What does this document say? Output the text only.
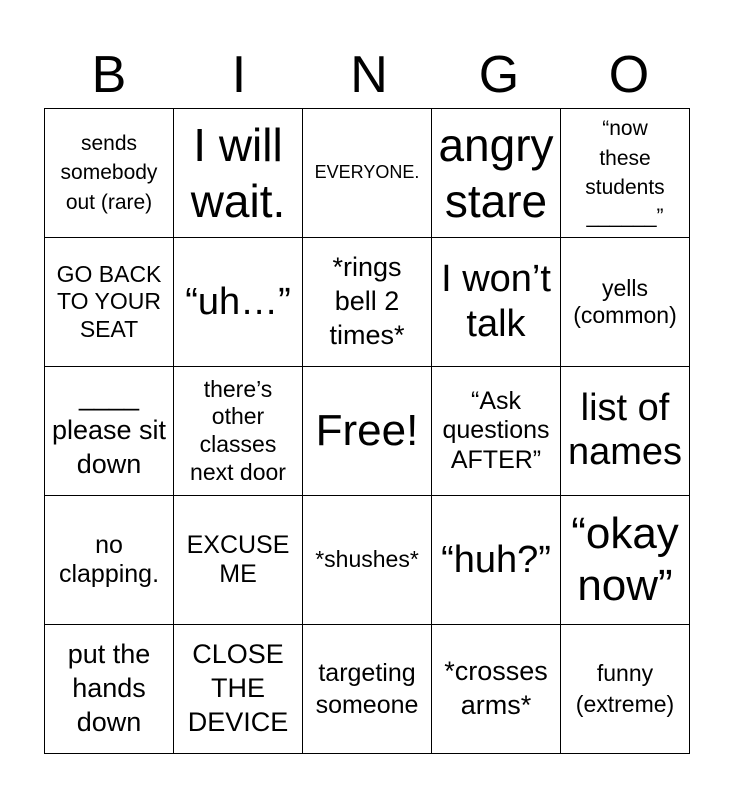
B	I	N	G	O
sends somebody out (rare)	I will wait.	EVERYONE.	angry stare	“now these students ______”
GO BACK TO YOUR SEAT	“uh…”	*rings bell 2 times*	I won’t talk	yells (common)
____ please sit down	there’s other classes next door	Free!	“Ask questions AFTER”	list of names
no clapping.	EXCUSE ME	*shushes*	“huh?”	“okay now”
put the hands down	CLOSE THE DEVICE	targeting someone	*crosses arms*	funny (extreme)
